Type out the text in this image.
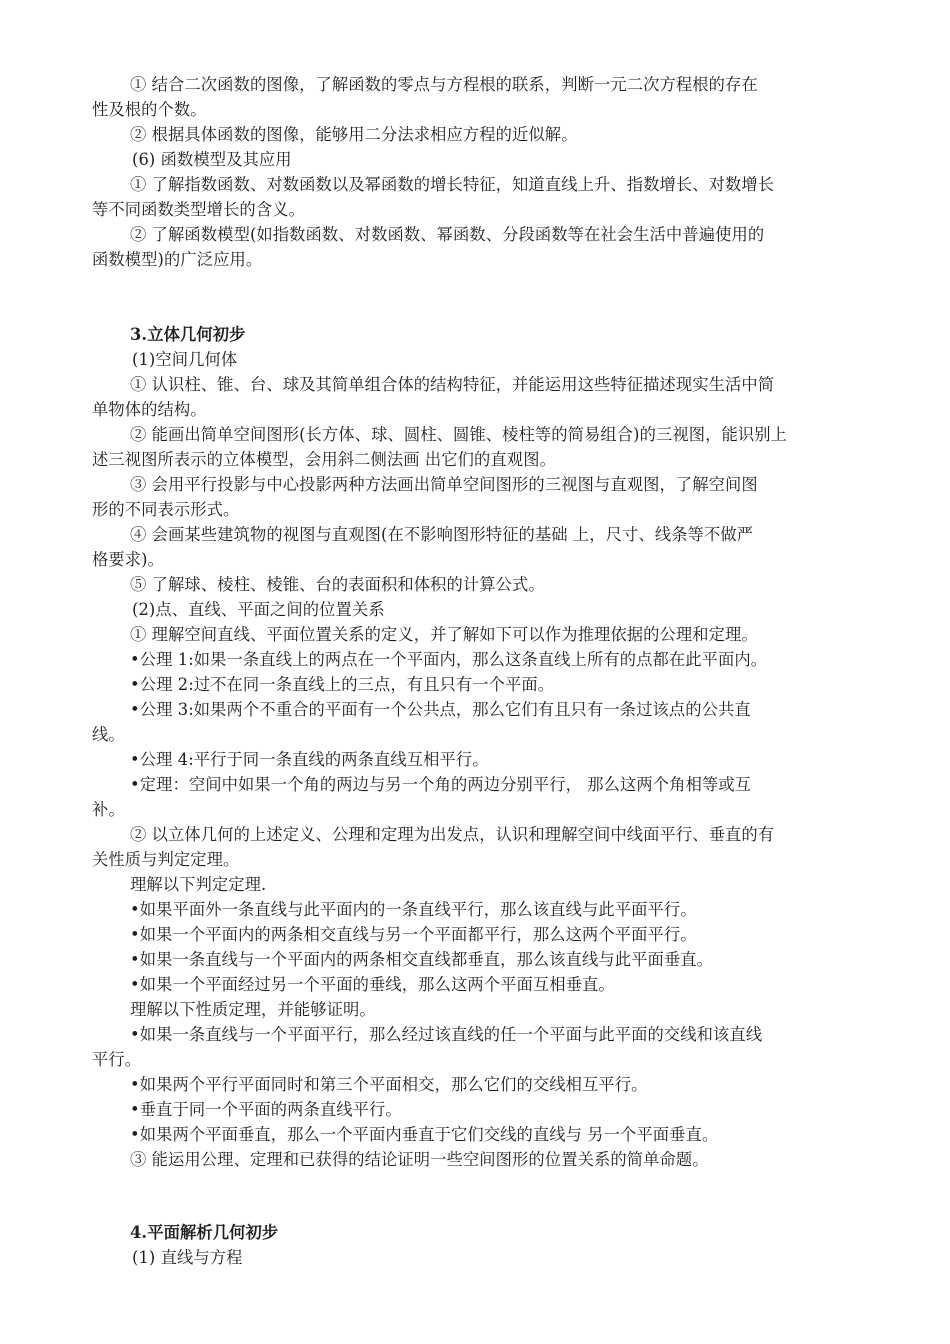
① 结合二次函数的图像，了解函数的零点与方程根的联系，判断一元二次方程根的存在
性及根的个数。
② 根据具体函数的图像，能够用二分法求相应方程的近似解。
(6) 函数模型及其应用
① 了解指数函数、对数函数以及幂函数的增长特征，知道直线上升、指数增长、对数增长
等不同函数类型增长的含义。
② 了解函数模型(如指数函数、对数函数、幂函数、分段函数等在社会生活中普遍使用的
函数模型)的广泛应用。
3.立体几何初步
(1)空间几何体
① 认识柱、锥、台、球及其简单组合体的结构特征，并能运用这些特征描述现实生活中简
单物体的结构。
② 能画出简单空间图形(长方体、球、圆柱、圆锥、棱柱等的简易组合)的三视图，能识别上
述三视图所表示的立体模型，会用斜二侧法画 出它们的直观图。
③ 会用平行投影与中心投影两种方法画出简单空间图形的三视图与直观图，了解空间图
形的不同表示形式。
④ 会画某些建筑物的视图与直观图(在不影响图形特征的基础 上，尺寸、线条等不做严
格要求)。
⑤ 了解球、棱柱、棱锥、台的表面积和体积的计算公式。
(2)点、直线、平面之间的位置关系
① 理解空间直线、平面位置关系的定义，并了解如下可以作为推理依据的公理和定理。
•公理 1:如果一条直线上的两点在一个平面内，那么这条直线上所有的点都在此平面内。
•公理 2:过不在同一条直线上的三点，有且只有一个平面。
•公理 3:如果两个不重合的平面有一个公共点，那么它们有且只有一条过该点的公共直
线。
•公理 4:平行于同一条直线的两条直线互相平行。
•定理：空间中如果一个角的两边与另一个角的两边分别平行， 那么这两个角相等或互
补。
② 以立体几何的上述定义、公理和定理为出发点，认识和理解空间中线面平行、垂直的有
关性质与判定定理。
理解以下判定定理.
•如果平面外一条直线与此平面内的一条直线平行，那么该直线与此平面平行。
•如果一个平面内的两条相交直线与另一个平面都平行，那么这两个平面平行。
•如果一条直线与一个平面内的两条相交直线都垂直，那么该直线与此平面垂直。
•如果一个平面经过另一个平面的垂线，那么这两个平面互相垂直。
理解以下性质定理，并能够证明。
•如果一条直线与一个平面平行，那么经过该直线的任一个平面与此平面的交线和该直线
平行。
•如果两个平行平面同时和第三个平面相交，那么它们的交线相互平行。
•垂直于同一个平面的两条直线平行。
•如果两个平面垂直，那么一个平面内垂直于它们交线的直线与 另一个平面垂直。
③ 能运用公理、定理和已获得的结论证明一些空间图形的位置关系的简单命题。
4.平面解析几何初步
(1) 直线与方程
